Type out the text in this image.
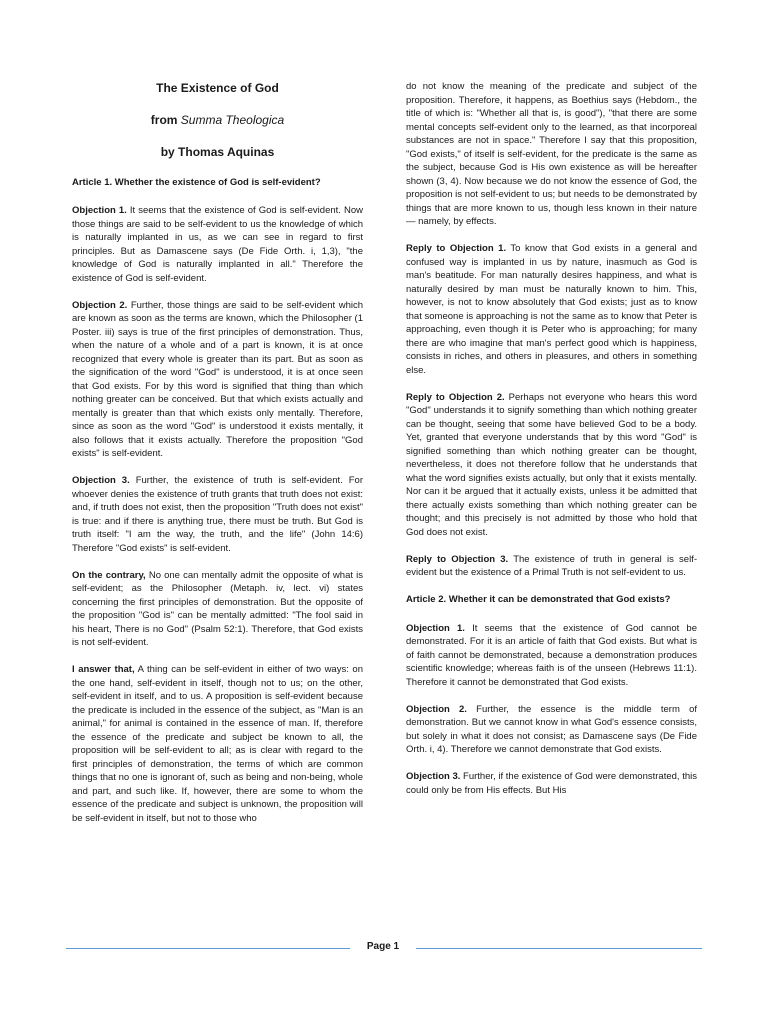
The Existence of God
from Summa Theologica
by Thomas Aquinas
Article 1. Whether the existence of God is self-evident?

Objection 1. It seems that the existence of God is self-evident. Now those things are said to be self-evident to us the knowledge of which is naturally implanted in us, as we can see in regard to first principles. But as Damascene says (De Fide Orth. i, 1,3), "the knowledge of God is naturally implanted in all." Therefore the existence of God is self-evident.

Objection 2. Further, those things are said to be self-evident which are known as soon as the terms are known, which the Philosopher (1 Poster. iii) says is true of the first principles of demonstration. Thus, when the nature of a whole and of a part is known, it is at once recognized that every whole is greater than its part. But as soon as the signification of the word "God" is understood, it is at once seen that God exists. For by this word is signified that thing than which nothing greater can be conceived. But that which exists actually and mentally is greater than that which exists only mentally. Therefore, since as soon as the word "God" is understood it exists mentally, it also follows that it exists actually. Therefore the proposition "God exists" is self-evident.

Objection 3. Further, the existence of truth is self-evident. For whoever denies the existence of truth grants that truth does not exist: and, if truth does not exist, then the proposition "Truth does not exist" is true: and if there is anything true, there must be truth. But God is truth itself: "I am the way, the truth, and the life" (John 14:6) Therefore "God exists" is self-evident.

On the contrary, No one can mentally admit the opposite of what is self-evident; as the Philosopher (Metaph. iv, lect. vi) states concerning the first principles of demonstration. But the opposite of the proposition "God is" can be mentally admitted: "The fool said in his heart, There is no God" (Psalm 52:1). Therefore, that God exists is not self-evident.

I answer that, A thing can be self-evident in either of two ways: on the one hand, self-evident in itself, though not to us; on the other, self-evident in itself, and to us. A proposition is self-evident because the predicate is included in the essence of the subject, as "Man is an animal," for animal is contained in the essence of man. If, therefore the essence of the predicate and subject be known to all, the proposition will be self-evident to all; as is clear with regard to the first principles of demonstration, the terms of which are common things that no one is ignorant of, such as being and non-being, whole and part, and such like. If, however, there are some to whom the essence of the predicate and subject is unknown, the proposition will be self-evident in itself, but not to those who

do not know the meaning of the predicate and subject of the proposition. Therefore, it happens, as Boethius says (Hebdom., the title of which is: "Whether all that is, is good"), "that there are some mental concepts self-evident only to the learned, as that incorporeal substances are not in space." Therefore I say that this proposition, "God exists," of itself is self-evident, for the predicate is the same as the subject, because God is His own existence as will be hereafter shown (3, 4). Now because we do not know the essence of God, the proposition is not self-evident to us; but needs to be demonstrated by things that are more known to us, though less known in their nature — namely, by effects.

Reply to Objection 1. To know that God exists in a general and confused way is implanted in us by nature, inasmuch as God is man's beatitude. For man naturally desires happiness, and what is naturally desired by man must be naturally known to him. This, however, is not to know absolutely that God exists; just as to know that someone is approaching is not the same as to know that Peter is approaching, even though it is Peter who is approaching; for many there are who imagine that man's perfect good which is happiness, consists in riches, and others in pleasures, and others in something else.

Reply to Objection 2. Perhaps not everyone who hears this word "God" understands it to signify something than which nothing greater can be thought, seeing that some have believed God to be a body. Yet, granted that everyone understands that by this word "God" is signified something than which nothing greater can be thought, nevertheless, it does not therefore follow that he understands that what the word signifies exists actually, but only that it exists mentally. Nor can it be argued that it actually exists, unless it be admitted that there actually exists something than which nothing greater can be thought; and this precisely is not admitted by those who hold that God does not exist.

Reply to Objection 3. The existence of truth in general is self-evident but the existence of a Primal Truth is not self-evident to us.

Article 2. Whether it can be demonstrated that God exists?

Objection 1. It seems that the existence of God cannot be demonstrated. For it is an article of faith that God exists. But what is of faith cannot be demonstrated, because a demonstration produces scientific knowledge; whereas faith is of the unseen (Hebrews 11:1). Therefore it cannot be demonstrated that God exists.

Objection 2. Further, the essence is the middle term of demonstration. But we cannot know in what God's essence consists, but solely in what it does not consist; as Damascene says (De Fide Orth. i, 4). Therefore we cannot demonstrate that God exists.

Objection 3. Further, if the existence of God were demonstrated, this could only be from His effects. But His

Page 1
